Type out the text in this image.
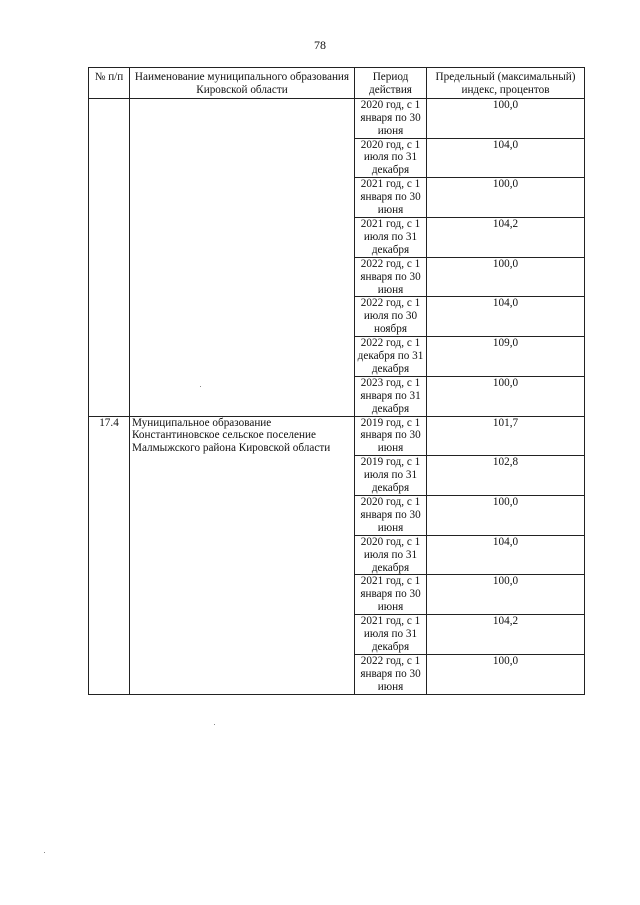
78
№ п/п	Наименование муниципального образования Кировской области	Период действия	Предельный (максимальный) индекс, процентов
		2020 год, с 1 января по 30 июня	100,0
		2020 год, с 1 июля по 31 декабря	104,0
		2021 год, с 1 января по 30 июня	100,0
		2021 год, с 1 июля по 31 декабря	104,2
		2022 год, с 1 января по 30 июня	100,0
		2022 год, с 1 июля по 30 ноября	104,0
		2022 год, с 1 декабря по 31 декабря	109,0
		2023 год, с 1 января по 31 декабря	100,0
17.4	Муниципальное образование Константиновское сельское поселение Малмыжского района Кировской области	2019 год, с 1 января по 30 июня	101,7
		2019 год, с 1 июля по 31 декабря	102,8
		2020 год, с 1 января по 30 июня	100,0
		2020 год, с 1 июля по 31 декабря	104,0
		2021 год, с 1 января по 30 июня	100,0
		2021 год, с 1 июля по 31 декабря	104,2
		2022 год, с 1 января по 30 июня	100,0
